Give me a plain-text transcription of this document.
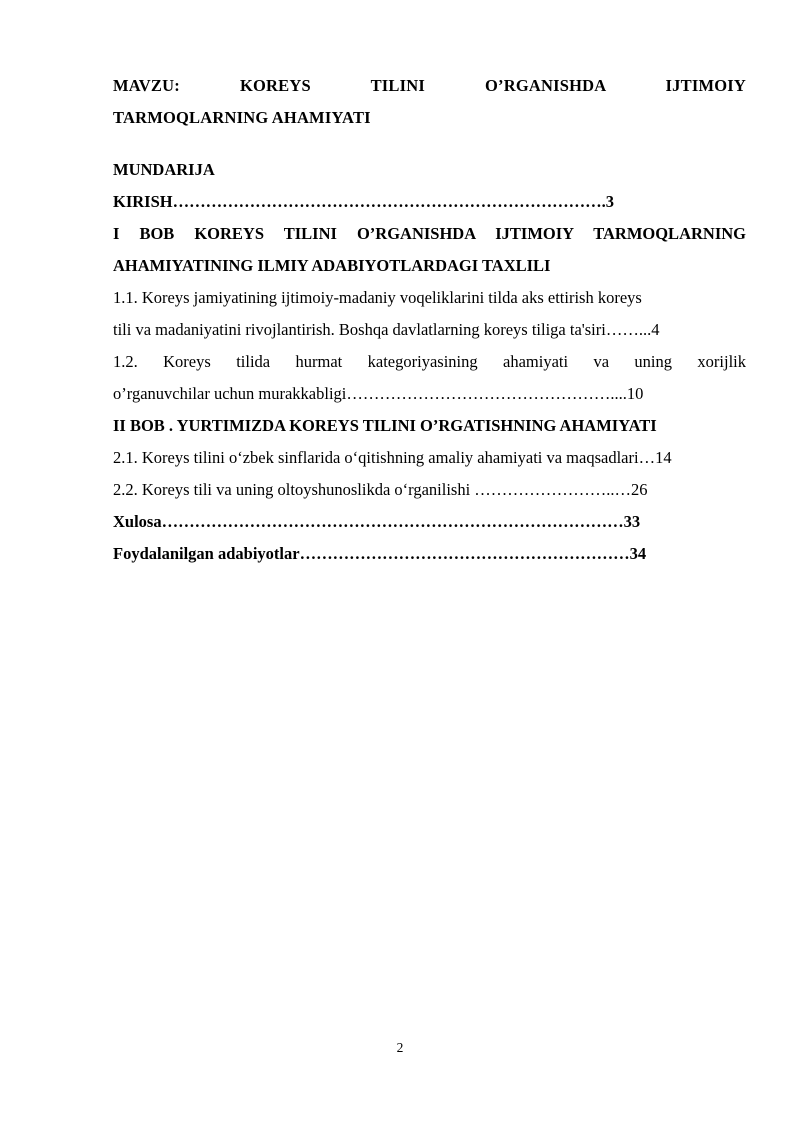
MAVZU:        KOREYS        TILINI        O’RGANISHDA        IJTIMOIY
TARMOQLARNING AHAMIYATI
MUNDARIJA
KIRISH…………………………………………………………………….3
I  BOB  KOREYS  TILINI  O’RGANISHDA  IJTIMOIY  TARMOQLARNING
AHAMIYATINING ILMIY ADABIYOTLARDAGI TAXLILI
1.1. Koreys jamiyatining ijtimoiy-madaniy voqeliklarini tilda aks ettirish koreys
tili va madaniyatini rivojlantirish. Boshqa davlatlarning koreys tiliga ta'siri……...4
1.2.    Koreys    tilida    hurmat    kategoriyasining    ahamiyati    va    uning    xorijlik
o’rganuvchilar uchun murakkabligi…………………………………………....10
II BOB . YURTIMIZDA KOREYS TILINI O’RGATISHNING AHAMIYATI
2.1. Koreys tilini o‘zbek sinflarida o‘qitishning amaliy ahamiyati va maqsadlari…14
2.2. Koreys tili va uning oltoyshunoslikda o‘rganilishi ……………………..…26
Xulosa…………………………………………………………………………33
Foydalanilgan adabiyotlar……………………………………………………34
2
